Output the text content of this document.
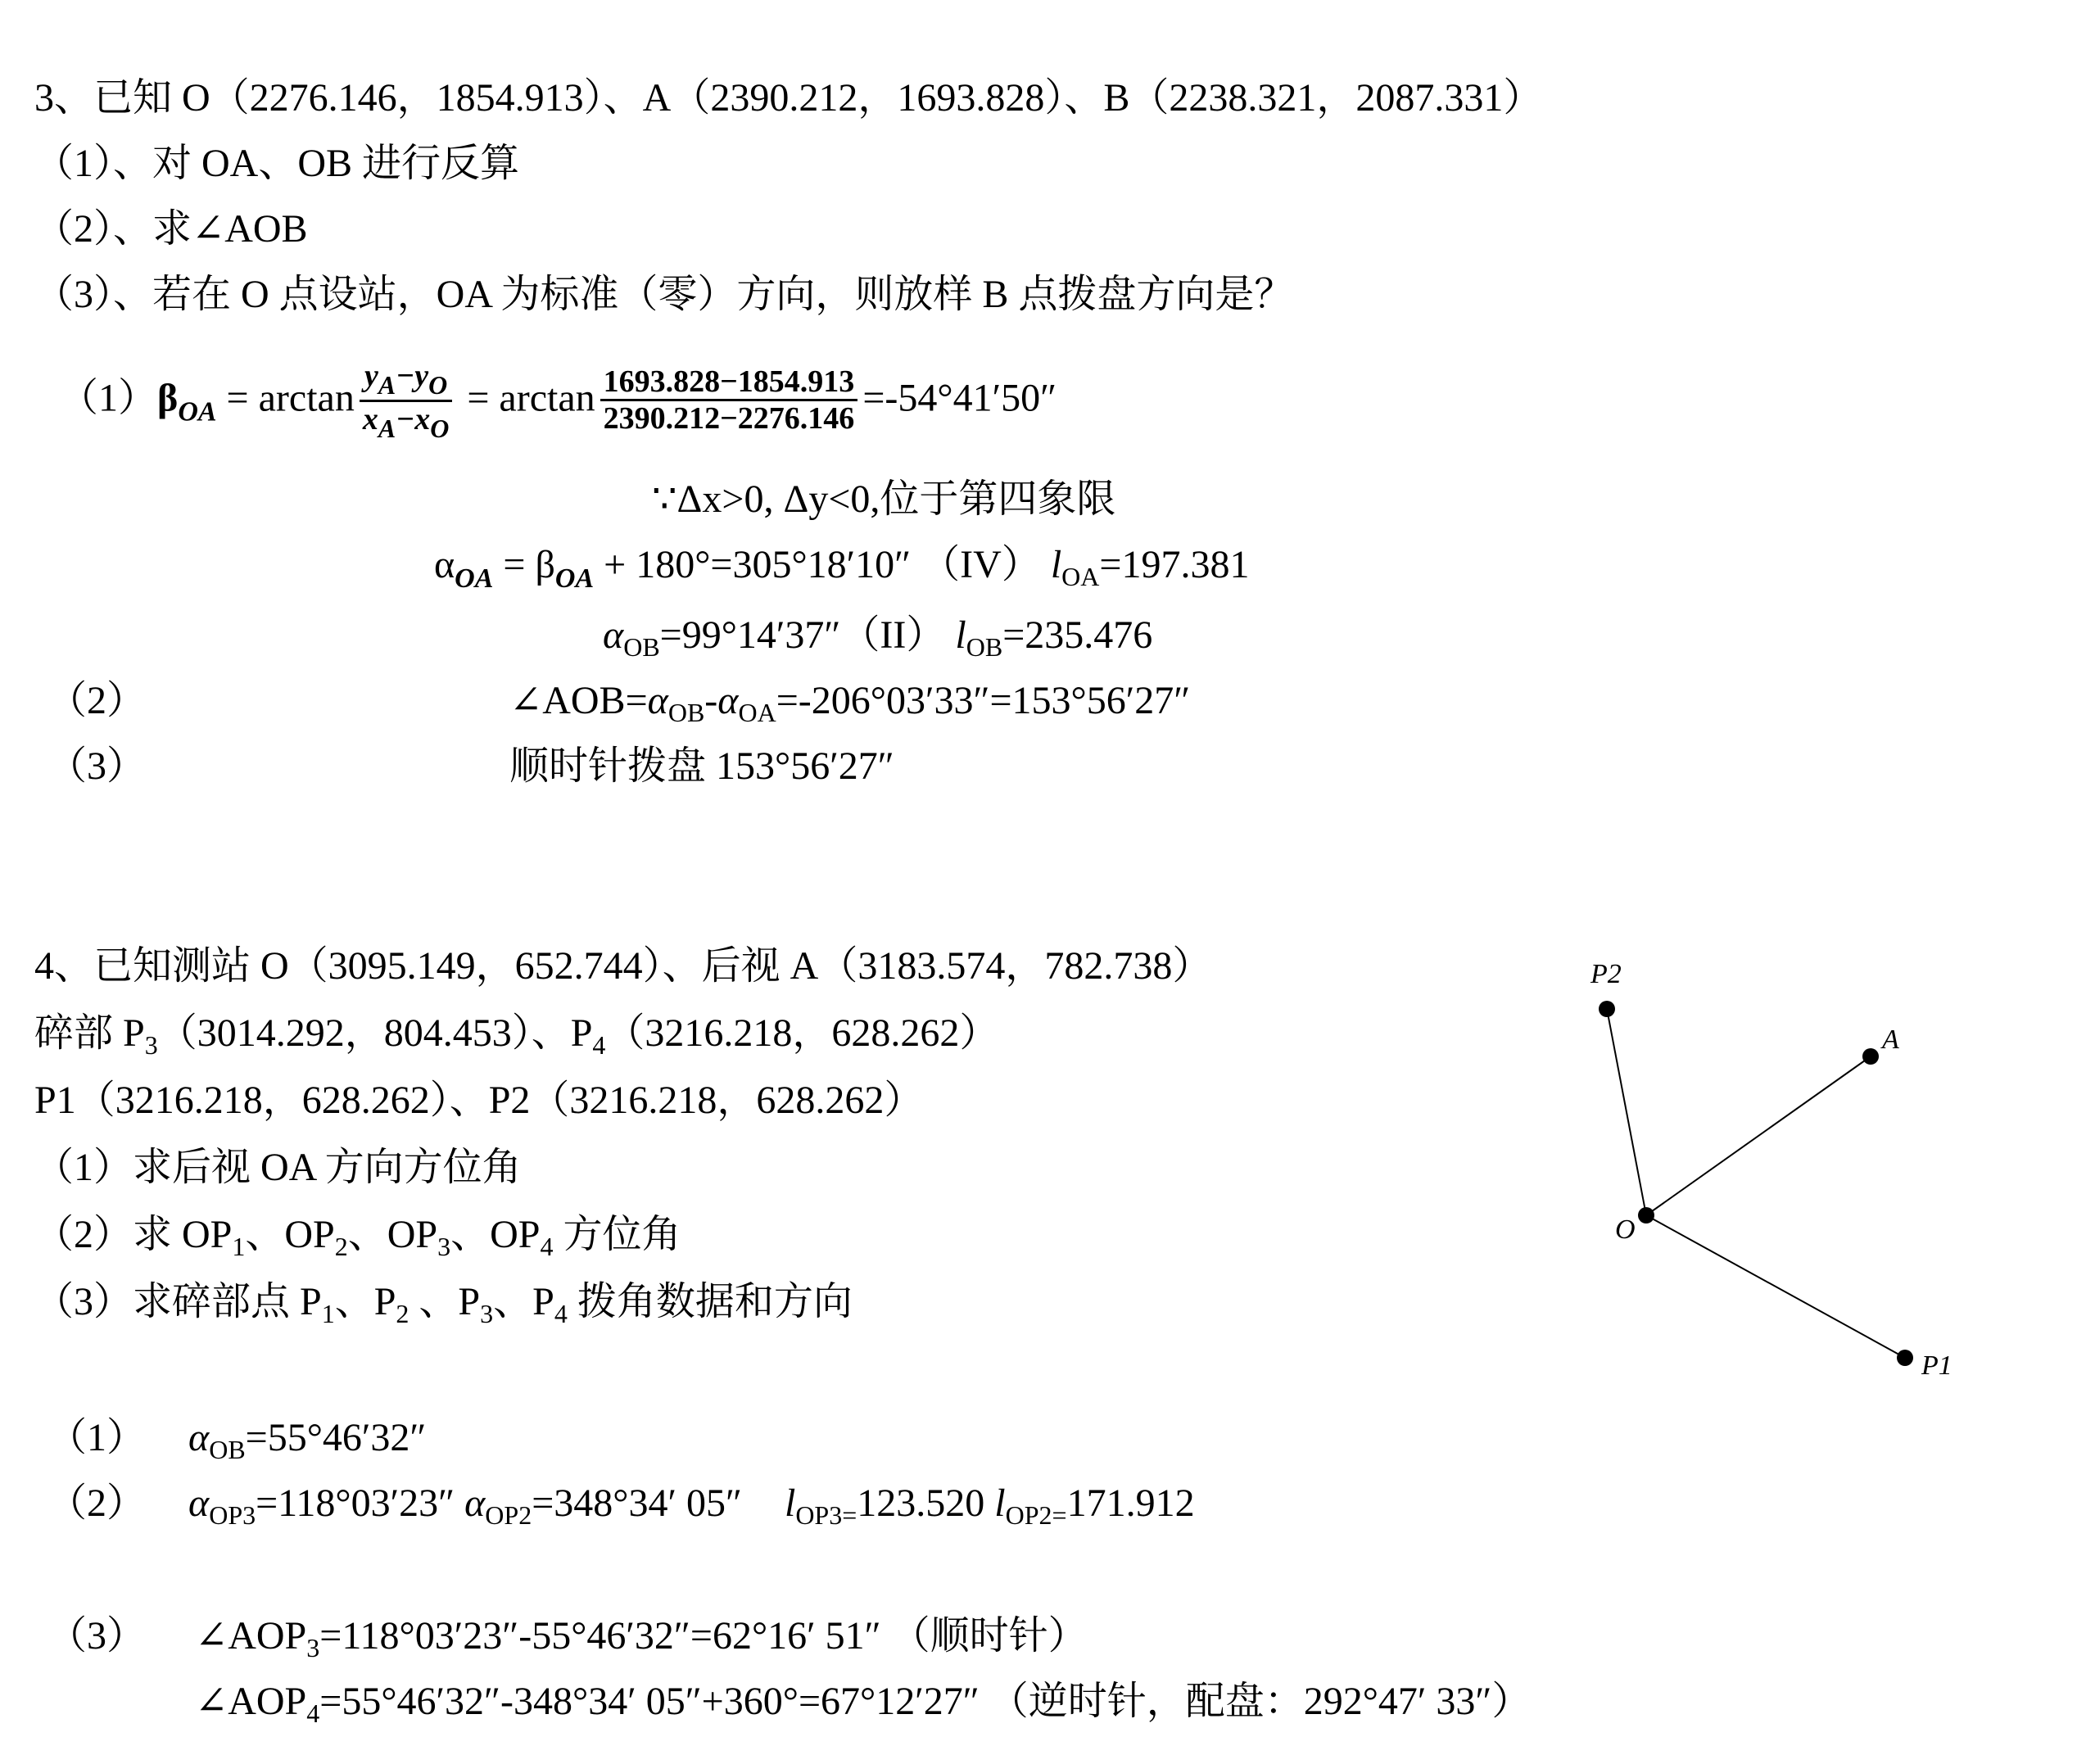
3、已知 O（2276.146，1854.913）、A（2390.212，1693.828）、B（2238.321，2087.331）
（1）、对 OA、OB 进行反算
（2）、求∠AOB
（3）、若在 O 点设站，OA 为标准（零）方向，则放样 B 点拨盘方向是？
$(1)\beta_{OA} = \arctan \frac{y_A-y_O}{x_A-x_O} = \arctan \frac{1693.828-1854.913}{2390.212-2276.146} =-54^\circ 41'50''$
∵Δx>0, Δy<0,位于第四象限
$\alpha_{OA} = \beta_{OA} + 180^\circ=305^\circ 18'10''$ （IV） $l_{OA}=197.381$
$\alpha_{OB}=99^\circ 14'37''(II)$ $l_{OB}=235.476$
（2）	$\angle AOB=\alpha_{OB}-\alpha_{OA}=-206^\circ 03'33''=153^\circ 56'27''$
（3）	顺时针拨盘 153°56′27″
4、已知测站 O（3095.149，652.744）、后视 A（3183.574，782.738）
碎部 $P_3(3014.292$，804.453）、$P_4(3216.218$，628.262）
P1（3216.218，628.262）、P2（3216.218，628.262）
（1）求后视 OA 方向方位角
（2）求 $OP_1$、$OP_2$、$OP_3$、$OP_4$ 方位角
（3）求碎部点 $P_1$、$P_2$ 、$P_3$、$P_4$ 拨角数据和方向
（1） $\alpha_{OB}=55^\circ 46'32''$
（2） $\alpha_{OP3}=118^\circ 03'23''$ $\alpha_{OP2}=348^\circ 34'$ 05″ $l_{OP3=}123.520$ $l_{OP2=}171.912$
（3） $\angle AOP_3=118^\circ 03'23''-55^\circ 46'32''=62^\circ 16'$ 51″ （顺时针）
$\angle AOP_4=55^\circ 46'32''-348^\circ 34'$ 05″+360°=67°12′27″ （逆时针，配盘：292°47′ 33″）
P2
A
O
P1
